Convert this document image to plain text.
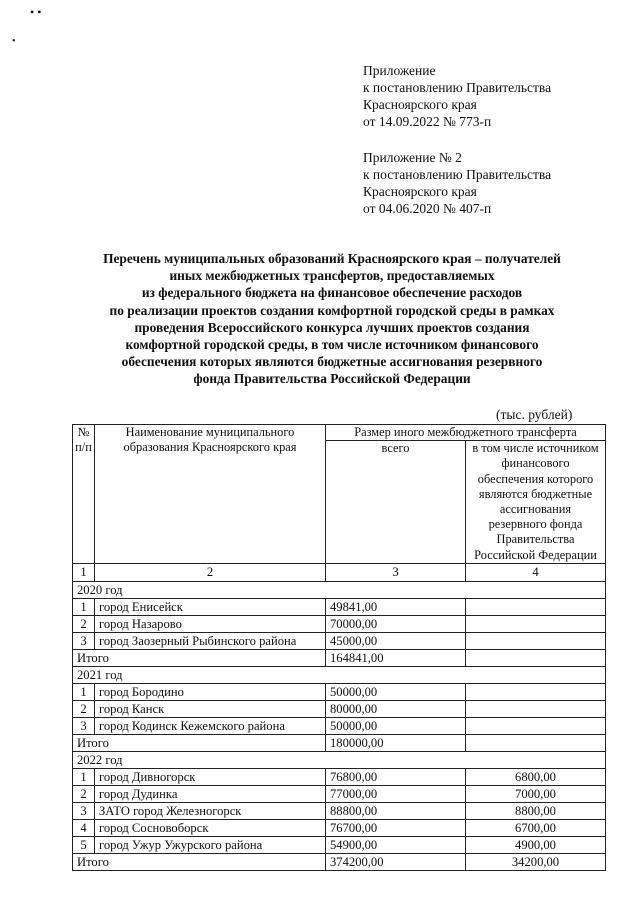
• •
•
Приложение
к постановлению Правительства
Красноярского края
от 14.09.2022 № 773-п
Приложение № 2
к постановлению Правительства
Красноярского края
от 04.06.2020 № 407-п
Перечень муниципальных образований Красноярского края – получателей
иных межбюджетных трансфертов, предоставляемых
из федерального бюджета на финансовое обеспечение расходов
по реализации проектов создания комфортной городской среды в рамках
проведения Всероссийского конкурса лучших проектов создания
комфортной городской среды, в том числе источником финансового
обеспечения которых являются бюджетные ассигнования резервного
фонда Правительства Российской Федерации
(тыс. рублей)
№ п/п	Наименование муниципального образования Красноярского края	Размер иного межбюджетного трансферта	
		всего	в том числе источником финансового обеспечения которого являются бюджетные ассигнования резервного фонда Правительства Российской Федерации
1	2	3	4
2020 год			
1	город Енисейск	49841,00	
2	город Назарово	70000,00	
3	город Заозерный Рыбинского района	45000,00	
Итого		164841,00	
2021 год			
1	город Бородино	50000,00	
2	город Канск	80000,00	
3	город Кодинск Кежемского района	50000,00	
Итого		180000,00	
2022 год			
1	город Дивногорск	76800,00	6800,00
2	город Дудинка	77000,00	7000,00
3	ЗАТО город Железногорск	88800,00	8800,00
4	город Сосновоборск	76700,00	6700,00
5	город Ужур Ужурского района	54900,00	4900,00
Итого		374200,00	34200,00
